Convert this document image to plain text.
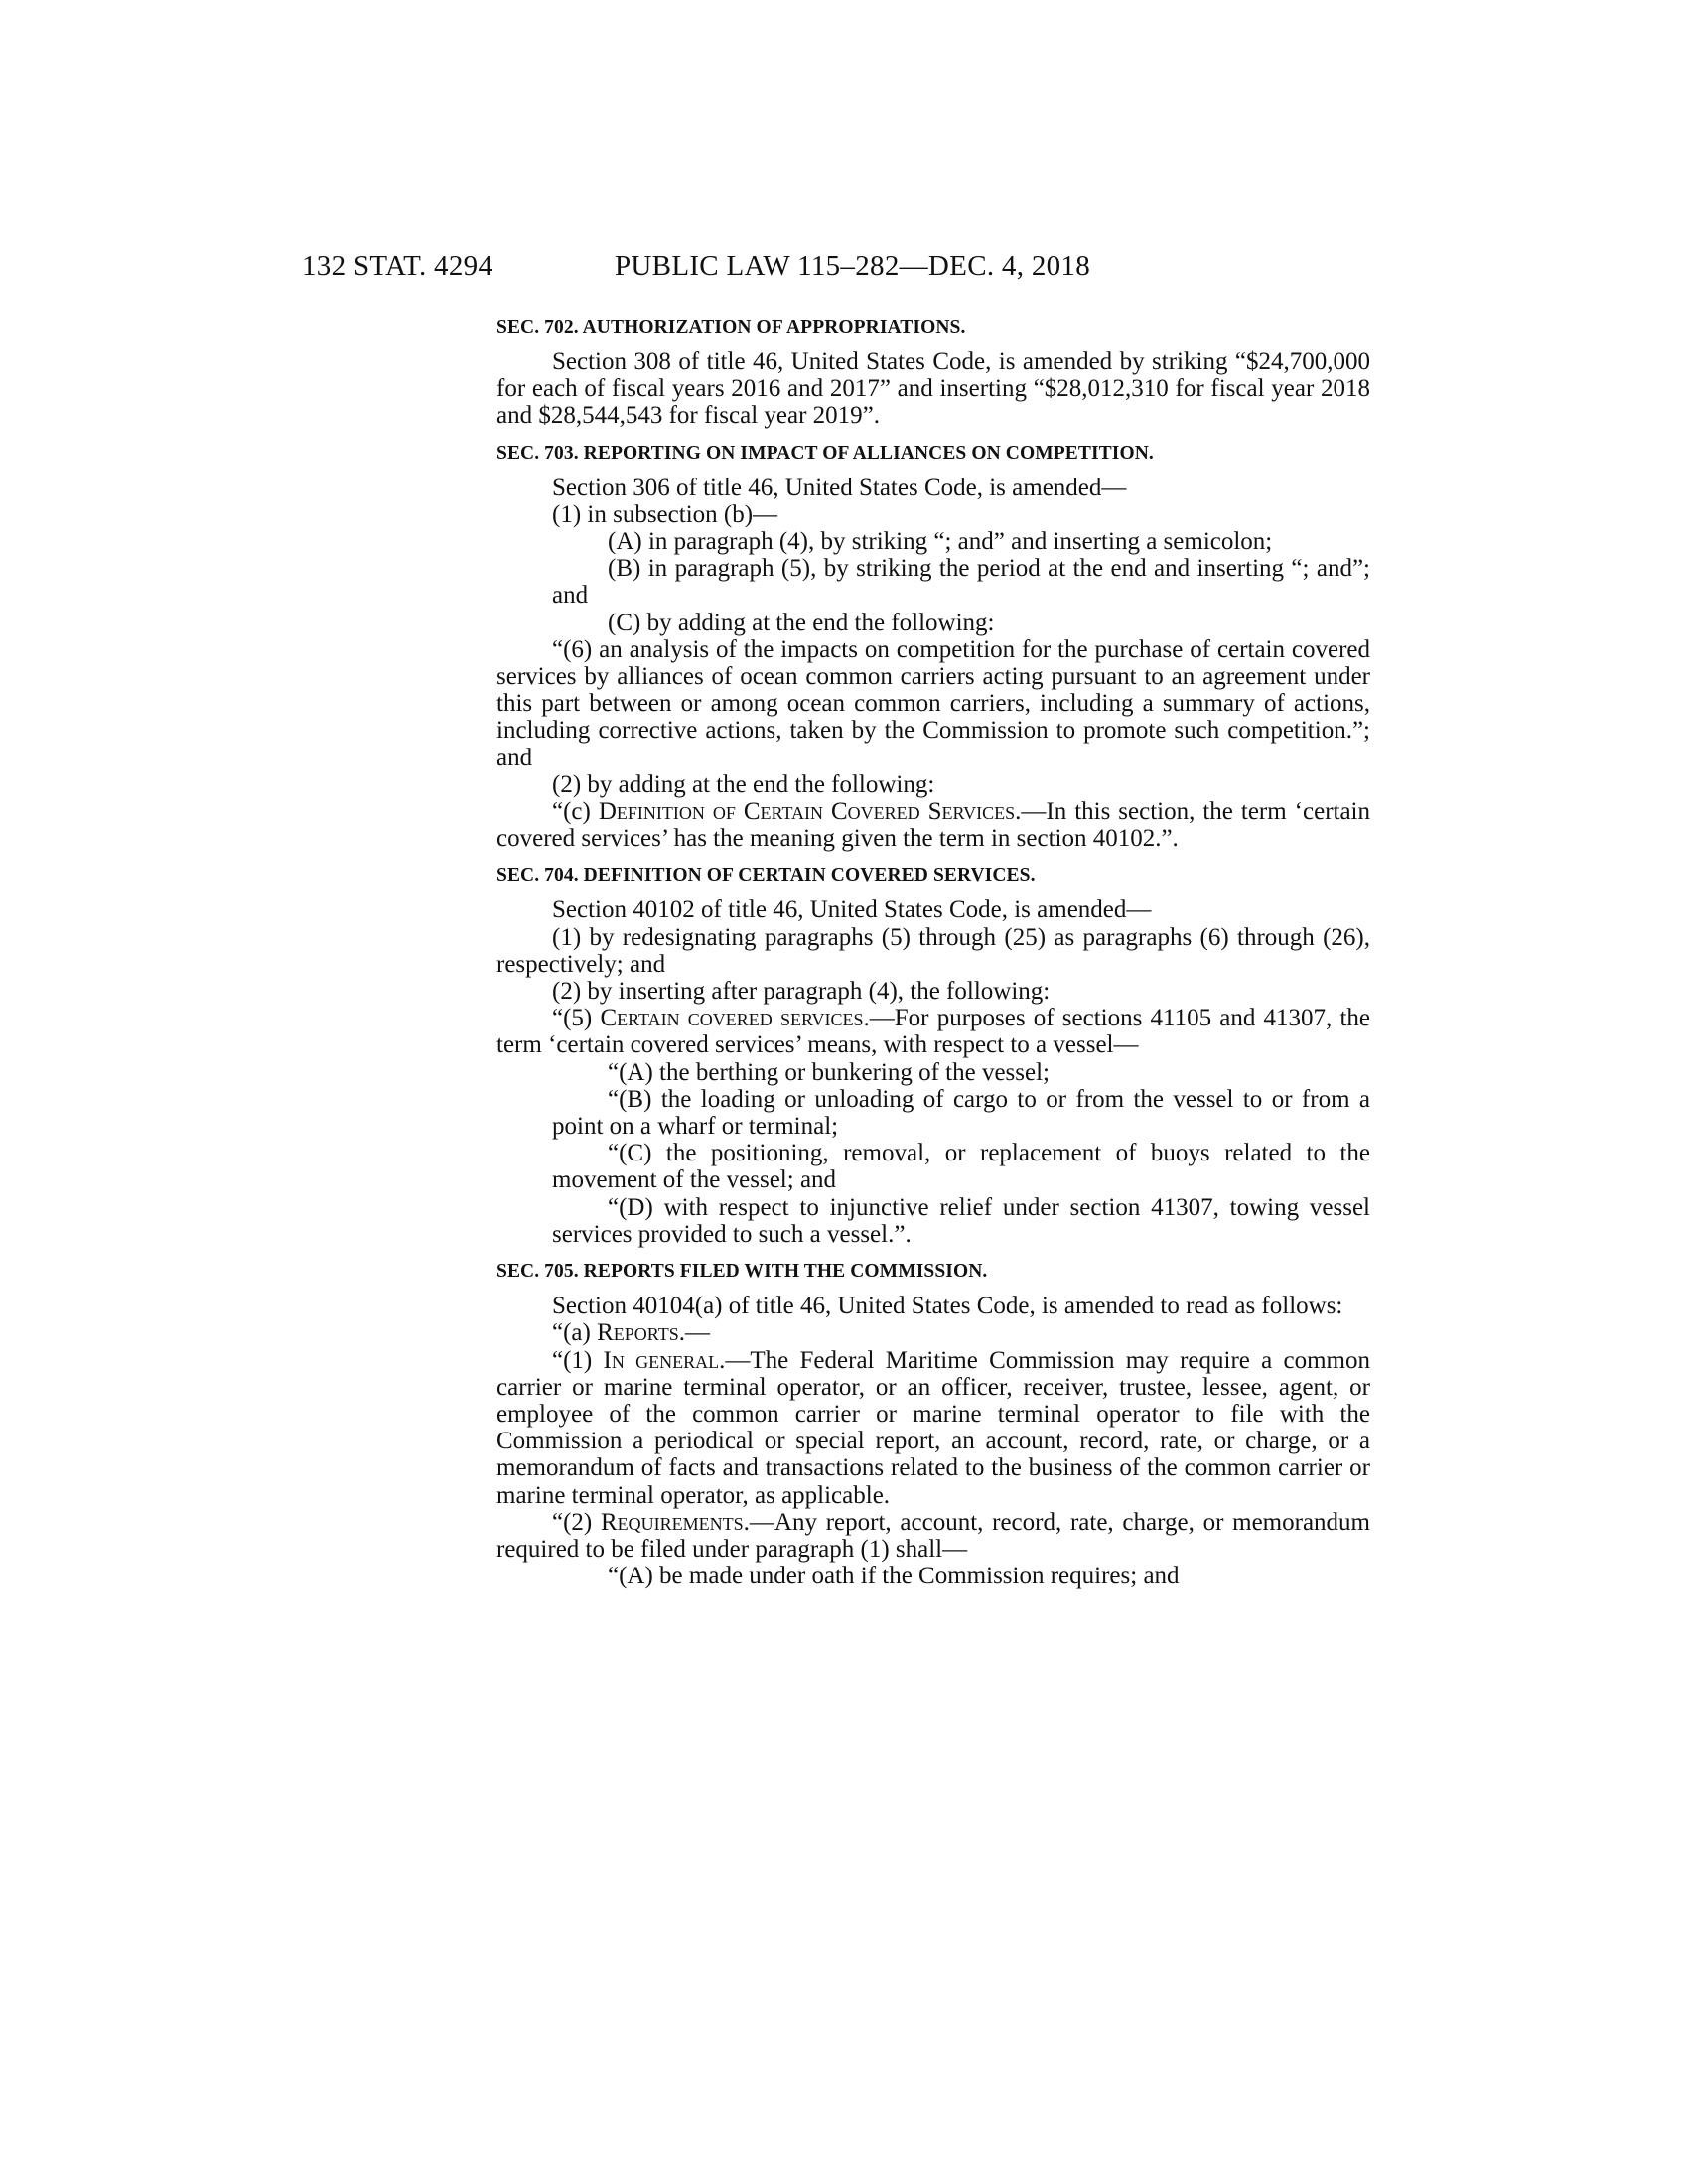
132 STAT. 4294	PUBLIC LAW 115–282—DEC. 4, 2018
SEC. 702. AUTHORIZATION OF APPROPRIATIONS.

Section 308 of title 46, United States Code, is amended by striking “$24,700,000 for each of fiscal years 2016 and 2017” and inserting “$28,012,310 for fiscal year 2018 and $28,544,543 for fiscal year 2019”.

SEC. 703. REPORTING ON IMPACT OF ALLIANCES ON COMPETITION.

Section 306 of title 46, United States Code, is amended—

(1) in subsection (b)—

(A) in paragraph (4), by striking “; and” and inserting a semicolon;

(B) in paragraph (5), by striking the period at the end and inserting “; and”; and

(C) by adding at the end the following:

“(6) an analysis of the impacts on competition for the purchase of certain covered services by alliances of ocean common carriers acting pursuant to an agreement under this part between or among ocean common carriers, including a summary of actions, including corrective actions, taken by the Commission to promote such competition.”; and

(2) by adding at the end the following:

“(c) Definition of Certain Covered Services.—In this section, the term ‘certain covered services’ has the meaning given the term in section 40102.”.

SEC. 704. DEFINITION OF CERTAIN COVERED SERVICES.

Section 40102 of title 46, United States Code, is amended—

(1) by redesignating paragraphs (5) through (25) as paragraphs (6) through (26), respectively; and

(2) by inserting after paragraph (4), the following:

“(5) Certain covered services.—For purposes of sections 41105 and 41307, the term ‘certain covered services’ means, with respect to a vessel—

“(A) the berthing or bunkering of the vessel;

“(B) the loading or unloading of cargo to or from the vessel to or from a point on a wharf or terminal;

“(C) the positioning, removal, or replacement of buoys related to the movement of the vessel; and

“(D) with respect to injunctive relief under section 41307, towing vessel services provided to such a vessel.”.

SEC. 705. REPORTS FILED WITH THE COMMISSION.

Section 40104(a) of title 46, United States Code, is amended to read as follows:

“(a) Reports.—

“(1) In general.—The Federal Maritime Commission may require a common carrier or marine terminal operator, or an officer, receiver, trustee, lessee, agent, or employee of the common carrier or marine terminal operator to file with the Commission a periodical or special report, an account, record, rate, or charge, or a memorandum of facts and transactions related to the business of the common carrier or marine terminal operator, as applicable.

“(2) Requirements.—Any report, account, record, rate, charge, or memorandum required to be filed under paragraph (1) shall—

“(A) be made under oath if the Commission requires; and
